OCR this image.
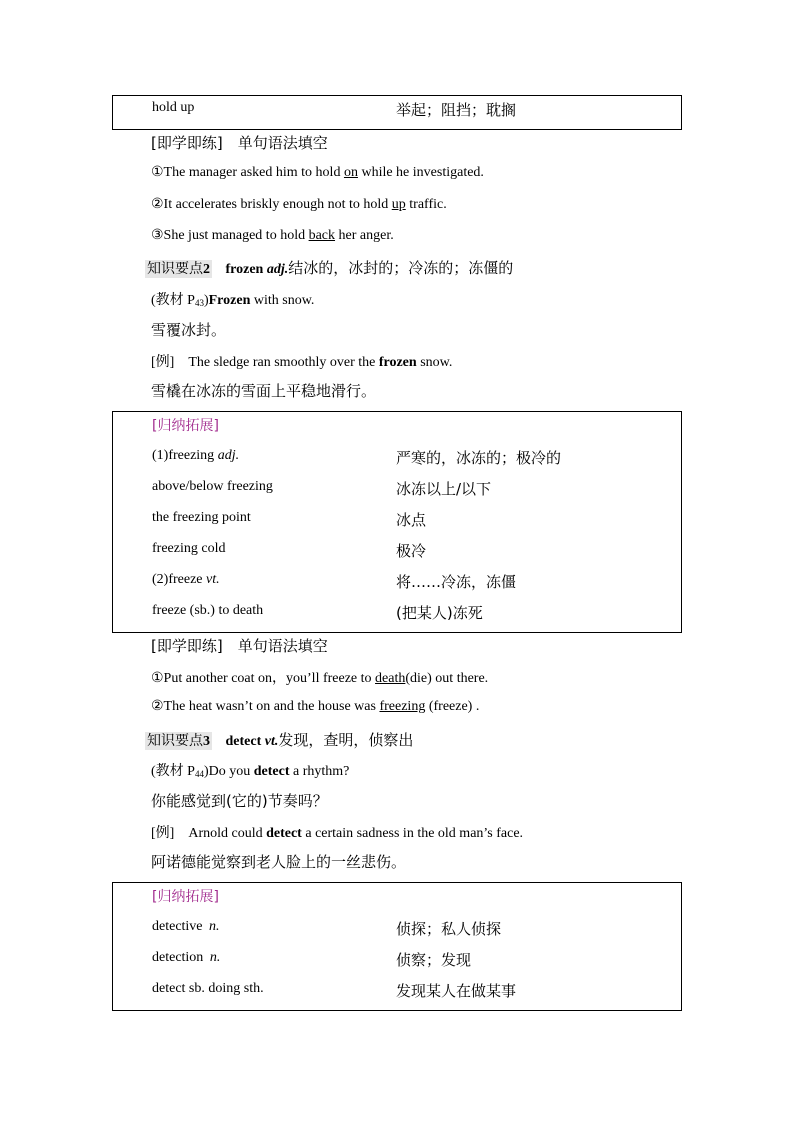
hold up	举起；阻挡；耽搁
[即学即练]　单句语法填空
①The manager asked him to hold on while he investigated.
②It accelerates briskly enough not to hold up traffic.
③She just managed to hold back her anger.
知识要点2 frozen adj.结冰的，冰封的；冷冻的；冻僵的
(教材 $P_{43})Frozen$ with snow.
雪覆冰封。
[例] The sledge ran smoothly over the frozen snow.
雪橇在冰冻的雪面上平稳地滑行。
[归纳拓展]
(1)freezing adj.	严寒的，冰冻的；极冷的
above/below freezing	冰冻以上/以下
the freezing point	冰点
freezing cold	极冷
(2)freeze vt.	将……冷冻，冻僵
freeze (sb.) to death	(把某人)冻死
[即学即练]　单句语法填空
①Put another coat on，you’ll freeze to death(die) out there.
②The heat wasn’t on and the house was freezing (freeze) .
知识要点3 detect vt.发现，查明，侦察出
(教材 $P_{44})Do$ you detect a rhythm?
你能感觉到(它的)节奏吗？
[例] Arnold could detect a certain sadness in the old man’s face.
阿诺德能觉察到老人脸上的一丝悲伤。
[归纳拓展]
detective n.	侦探；私人侦探
detection n.	侦察；发现
detect sb. doing sth.	发现某人在做某事
